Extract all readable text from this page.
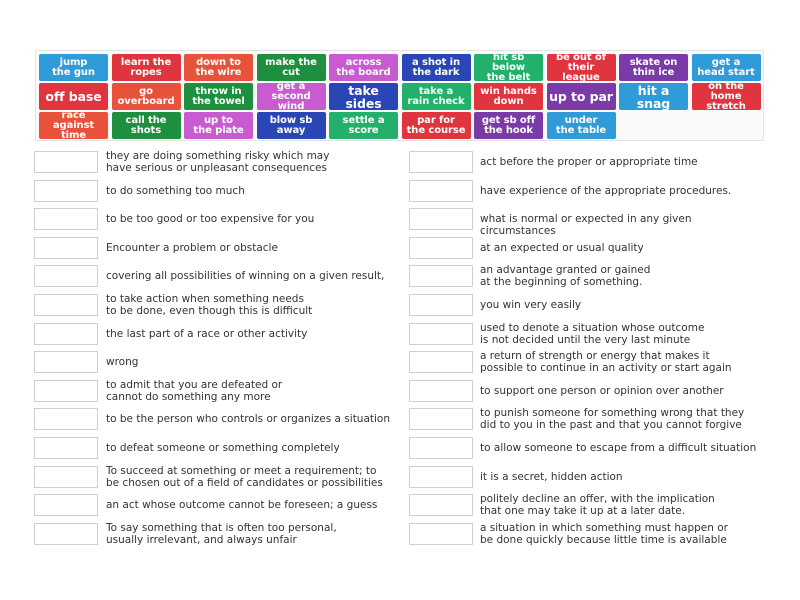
jump
the gun
learn the
ropes
down to
the wire
make the cut
across
the board
a shot in
the dark
hit sb below
the belt
be out of
their league
skate on
thin ice
get a
head start
off base	go overboard
throw in
the towel
get a
second wind
take sides
take a
rain check
win hands
down	up to par	hit a snag
on the home
stretch
race against
time
call the shots
up to
the plate
blow sb
away
settle a score
par for
the course
get sb off
the hook
under
the table
they are doing something risky which may
have serious or unpleasant consequences
to do something too much
to be too good or too expensive for you
Encounter a problem or obstacle
covering all possibilities of winning on a given result,
to take action when something needs
to be done, even though this is difficult
the last part of a race or other activity
wrong
to admit that you are defeated or
cannot do something any more
to be the person who controls or organizes a situation
to defeat someone or something completely
To succeed at something or meet a requirement; to
be chosen out of a field of candidates or possibilities
an act whose outcome cannot be foreseen; a guess
To say something that is often too personal,
usually irrelevant, and always unfair
act before the proper or appropriate time
have experience of the appropriate procedures.
what is normal or expected in any given circumstances
at an expected or usual quality
an advantage granted or gained
at the beginning of something.
you win very easily
used to denote a situation whose outcome
is not decided until the very last minute
a return of strength or energy that makes it
possible to continue in an activity or start again
to support one person or opinion over another
to punish someone for something wrong that they
did to you in the past and that you cannot forgive
to allow someone to escape from a difficult situation
it is a secret, hidden action
politely decline an offer, with the implication
that one may take it up at a later date.
a situation in which something must happen or
be done quickly because little time is available
